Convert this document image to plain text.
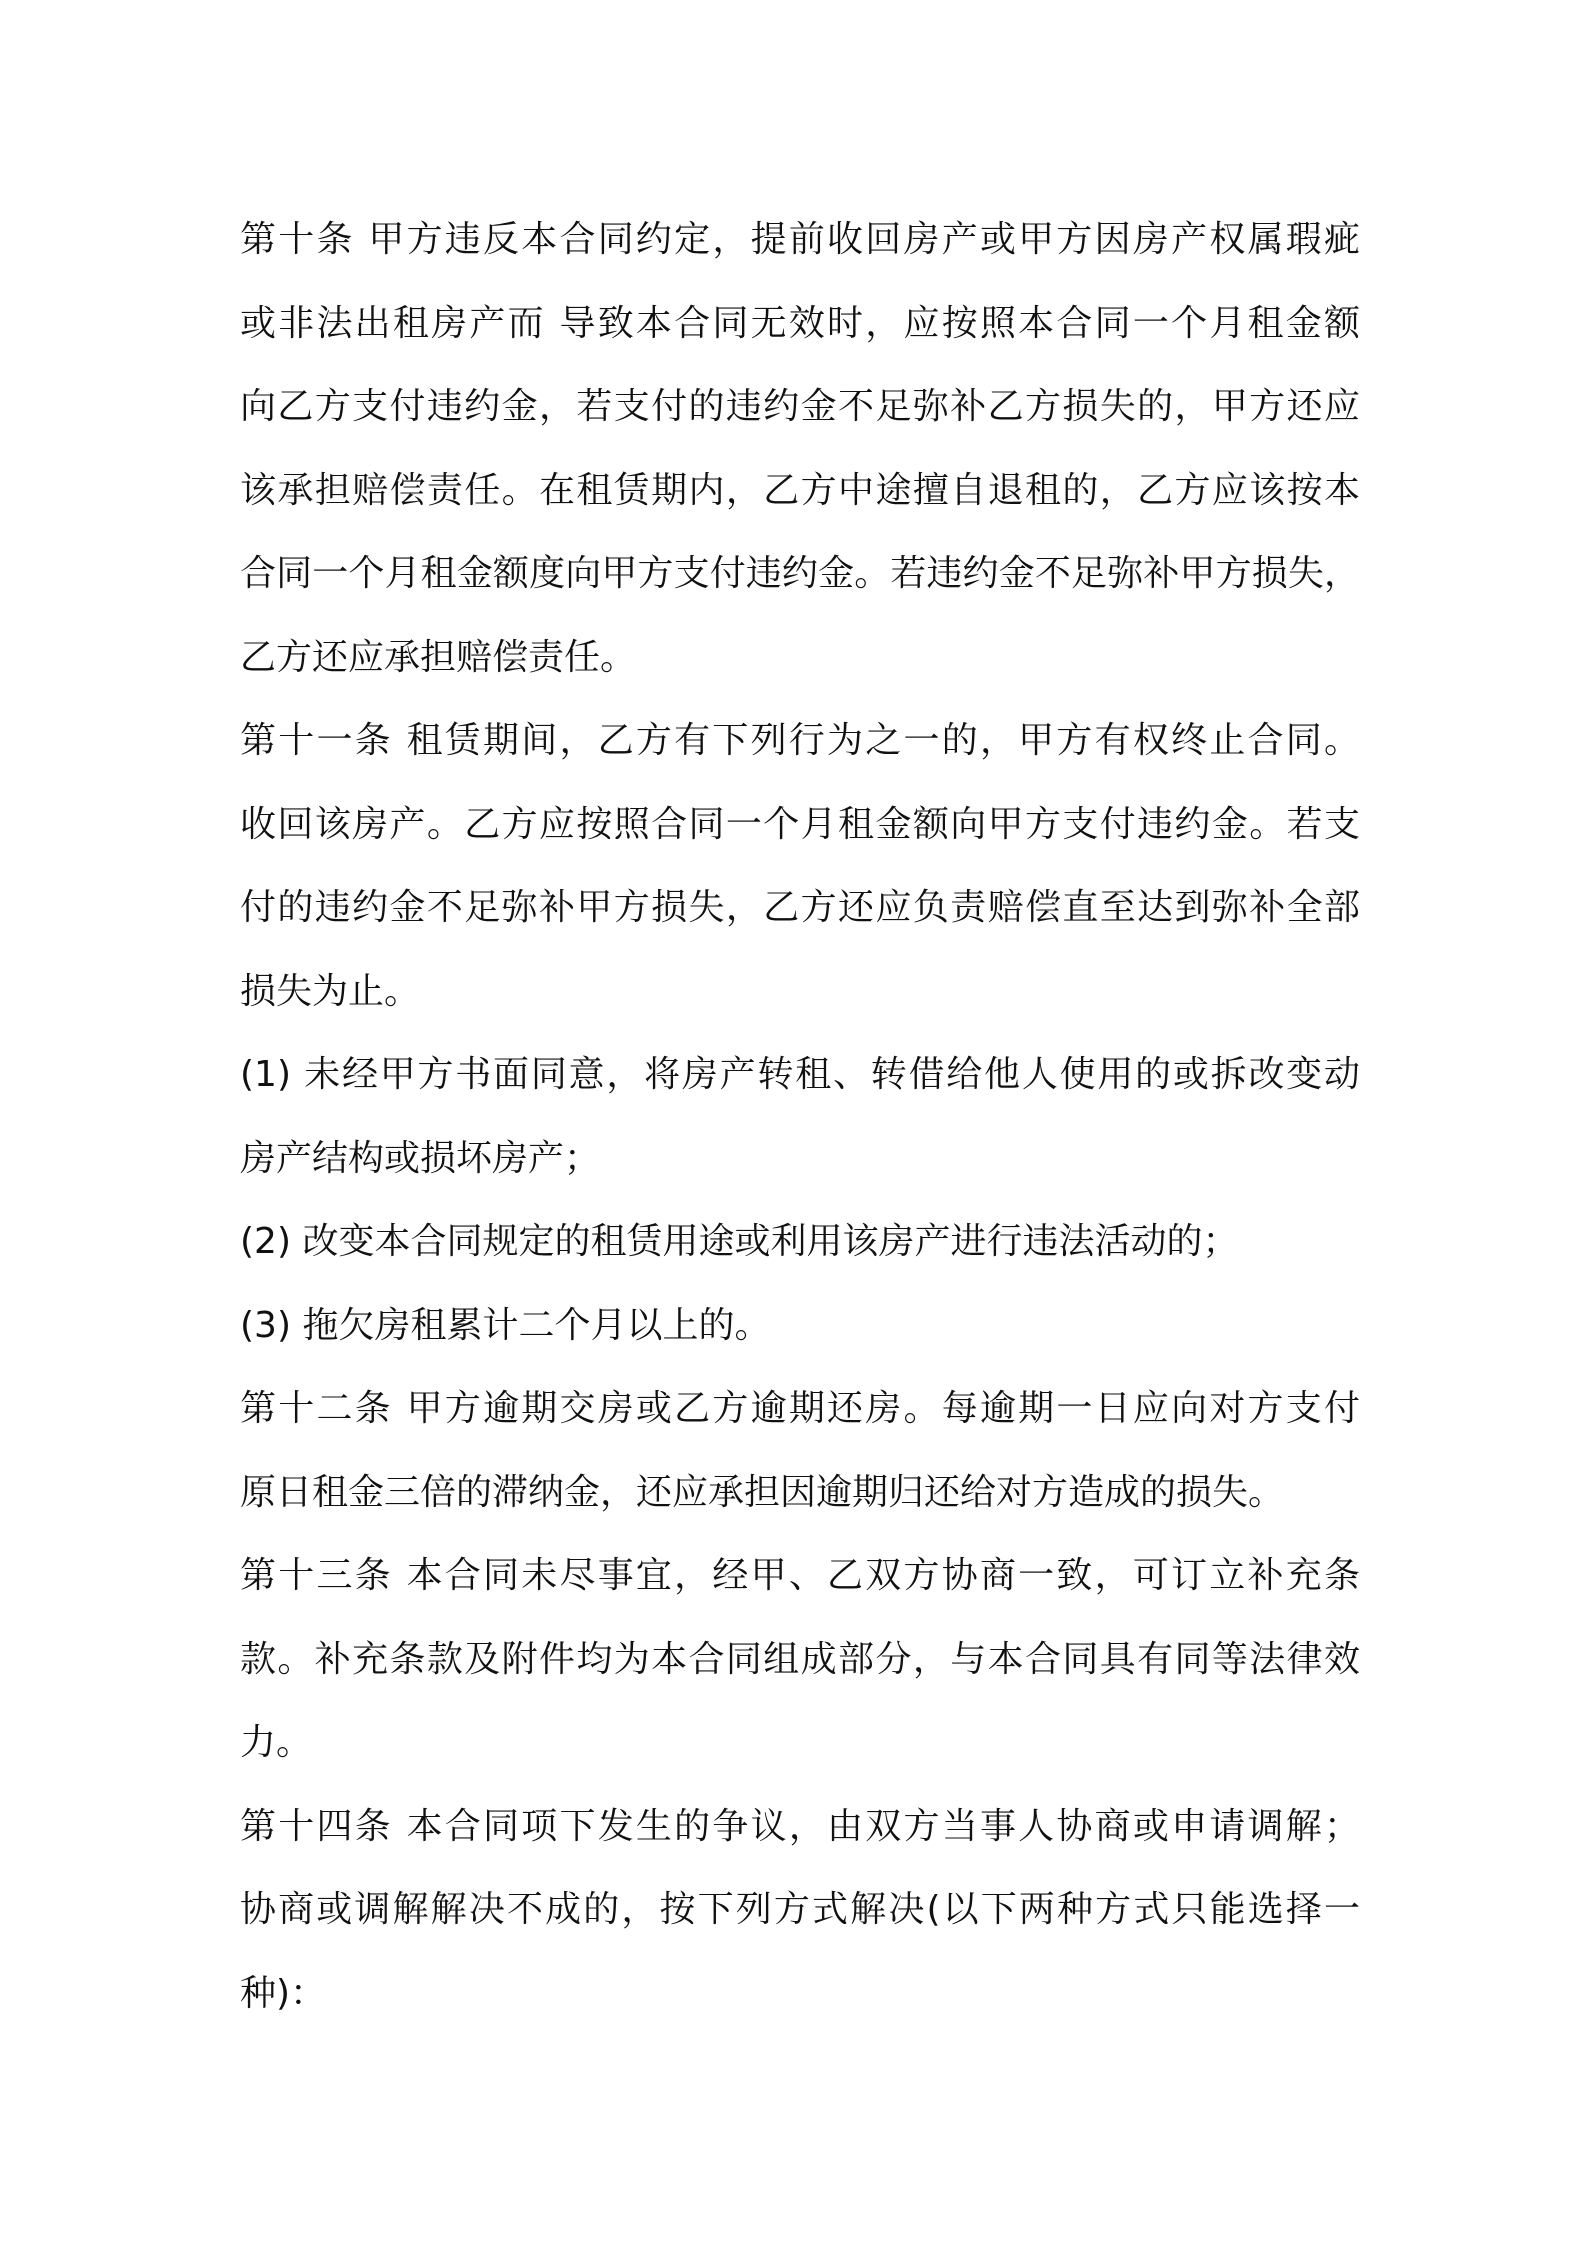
第十条 甲方违反本合同约定，提前收回房产或甲方因房产权属瑕疵
或非法出租房产而 导致本合同无效时，应按照本合同一个月租金额
向乙方支付违约金，若支付的违约金不足弥补乙方损失的，甲方还应
该承担赔偿责任。在租赁期内，乙方中途擅自退租的，乙方应该按本
合同一个月租金额度向甲方支付违约金。若违约金不足弥补甲方损失，
乙方还应承担赔偿责任。
第十一条 租赁期间，乙方有下列行为之一的，甲方有权终止合同。
收回该房产。乙方应按照合同一个月租金额向甲方支付违约金。若支
付的违约金不足弥补甲方损失，乙方还应负责赔偿直至达到弥补全部
损失为止。
(1) 未经甲方书面同意，将房产转租、转借给他人使用的或拆改变动
房产结构或损坏房产；
(2) 改变本合同规定的租赁用途或利用该房产进行违法活动的；
(3) 拖欠房租累计二个月以上的。
第十二条 甲方逾期交房或乙方逾期还房。每逾期一日应向对方支付
原日租金三倍的滞纳金，还应承担因逾期归还给对方造成的损失。
第十三条 本合同未尽事宜，经甲、乙双方协商一致，可订立补充条
款。补充条款及附件均为本合同组成部分，与本合同具有同等法律效
力。
第十四条 本合同项下发生的争议，由双方当事人协商或申请调解；
协商或调解解决不成的，按下列方式解决(以下两种方式只能选择一
种)：
